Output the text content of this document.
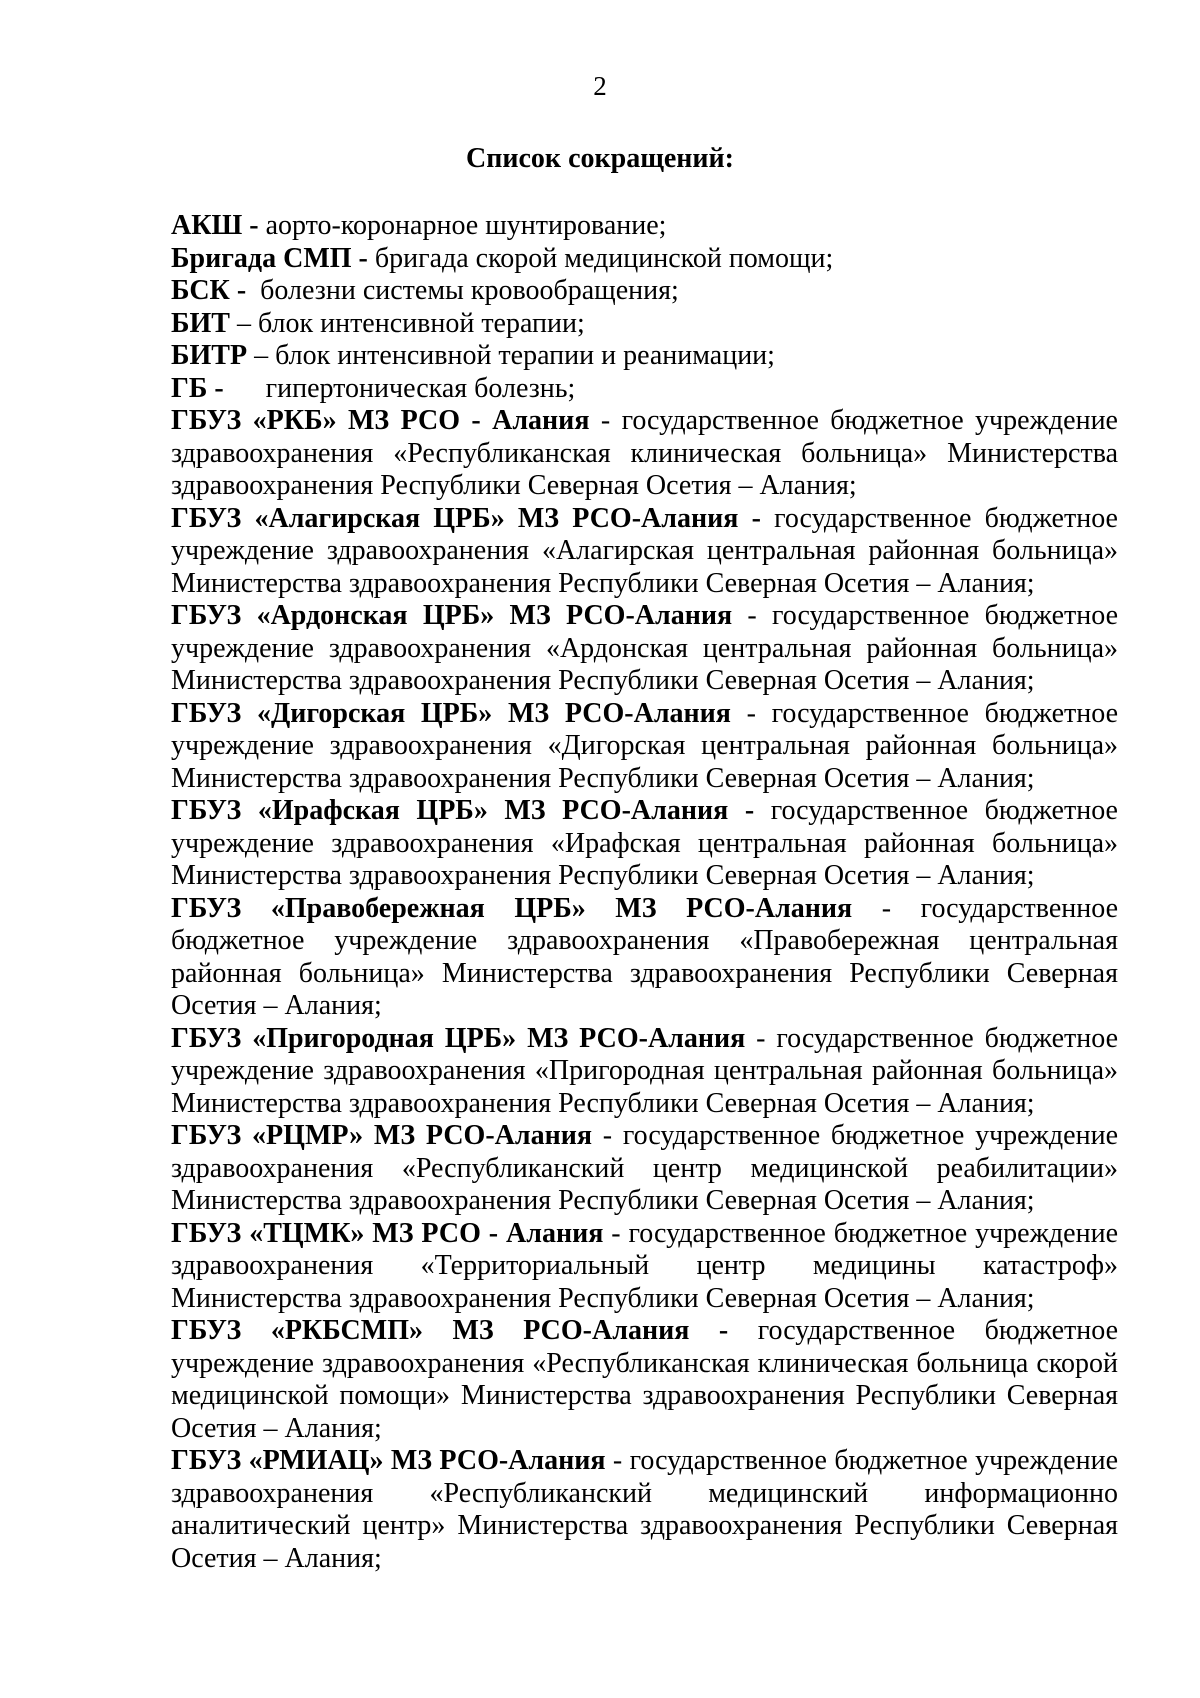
2
Список сокращений:
АКШ - аорто-коронарное шунтирование;
Бригада СМП - бригада скорой медицинской помощи;
БСК -  болезни системы кровообращения;
БИТ – блок интенсивной терапии;
БИТР – блок интенсивной терапии и реанимации;
ГБ -      гипертоническая болезнь;
ГБУЗ «РКБ» МЗ РСО - Алания - государственное бюджетное учреждение здравоохранения «Республиканская клиническая больница» Министерства здравоохранения Республики Северная Осетия – Алания;
ГБУЗ «Алагирская ЦРБ» МЗ РСО-Алания - государственное бюджетное учреждение здравоохранения «Алагирская центральная районная больница» Министерства здравоохранения Республики Северная Осетия – Алания;
ГБУЗ «Ардонская ЦРБ» МЗ РСО-Алания - государственное бюджетное учреждение здравоохранения «Ардонская центральная районная больница» Министерства здравоохранения Республики Северная Осетия – Алания;
ГБУЗ «Дигорская ЦРБ» МЗ РСО-Алания - государственное бюджетное учреждение здравоохранения «Дигорская центральная районная больница» Министерства здравоохранения Республики Северная Осетия – Алания;
ГБУЗ «Ирафская ЦРБ» МЗ РСО-Алания - государственное бюджетное учреждение здравоохранения «Ирафская центральная районная больница» Министерства здравоохранения Республики Северная Осетия – Алания;
ГБУЗ «Правобережная ЦРБ» МЗ РСО-Алания - государственное бюджетное учреждение здравоохранения «Правобережная центральная районная больница» Министерства здравоохранения Республики Северная Осетия – Алания;
ГБУЗ «Пригородная ЦРБ» МЗ РСО-Алания - государственное бюджетное учреждение здравоохранения «Пригородная центральная районная больница» Министерства здравоохранения Республики Северная Осетия – Алания;
ГБУЗ «РЦМР» МЗ РСО-Алания - государственное бюджетное учреждение здравоохранения «Республиканский центр медицинской реабилитации» Министерства здравоохранения Республики Северная Осетия – Алания;
ГБУЗ «ТЦМК» МЗ РСО - Алания - государственное бюджетное учреждение здравоохранения «Территориальный центр медицины катастроф» Министерства здравоохранения Республики Северная Осетия – Алания;
ГБУЗ «РКБСМП» МЗ РСО-Алания - государственное бюджетное учреждение здравоохранения «Республиканская клиническая больница скорой медицинской помощи» Министерства здравоохранения Республики Северная Осетия – Алания;
ГБУЗ «РМИАЦ» МЗ РСО-Алания - государственное бюджетное учреждение здравоохранения «Республиканский медицинский информационно аналитический центр» Министерства здравоохранения Республики Северная Осетия – Алания;
